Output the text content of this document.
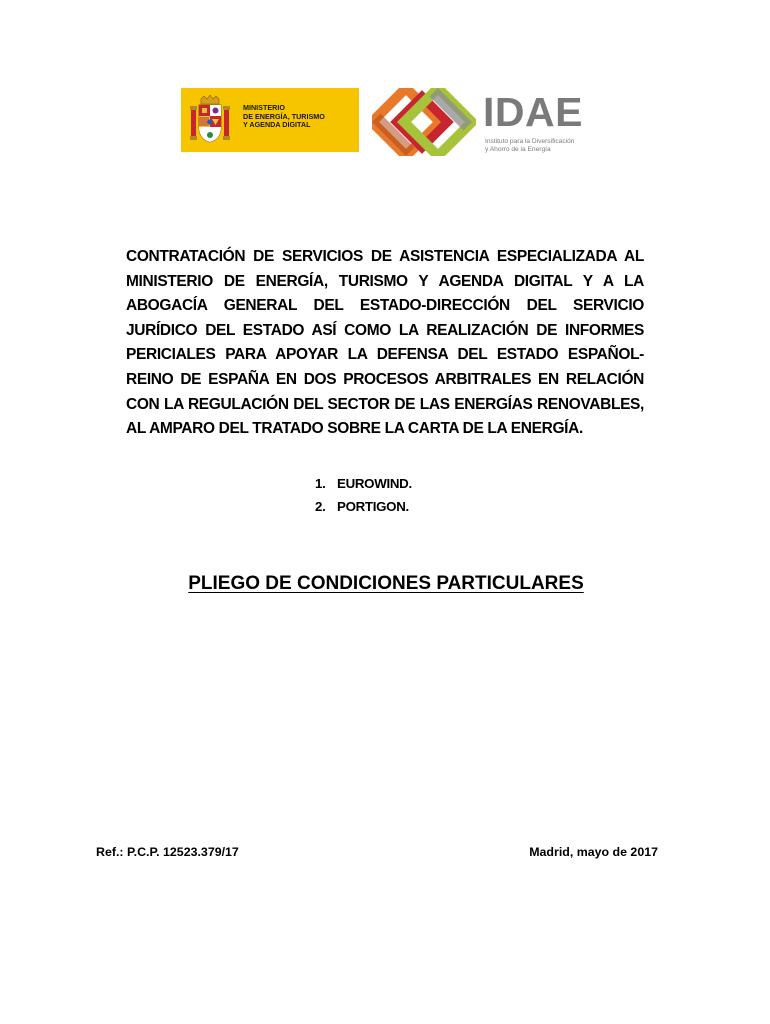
MINISTERIO
DE ENERGÍA, TURISMO
Y AGENDA DIGITAL	IDAE
Instituto para la Diversificación
y Ahorro de la Energía

CONTRATACIÓN DE SERVICIOS DE ASISTENCIA ESPECIALIZADA AL MINISTERIO DE ENERGÍA, TURISMO Y AGENDA DIGITAL Y A LA ABOGACÍA GENERAL DEL ESTADO-DIRECCIÓN DEL SERVICIO JURÍDICO DEL ESTADO ASÍ COMO LA REALIZACIÓN DE INFORMES PERICIALES PARA APOYAR LA DEFENSA DEL ESTADO ESPAÑOL-REINO DE ESPAÑA EN DOS PROCESOS ARBITRALES EN RELACIÓN CON LA REGULACIÓN DEL SECTOR DE LAS ENERGÍAS RENOVABLES, AL AMPARO DEL TRATADO SOBRE LA CARTA DE LA ENERGÍA.

1. EUROWIND.
2. PORTIGON.
PLIEGO DE CONDICIONES PARTICULARES
Ref.: P.C.P. 12523.379/17	Madrid, mayo de 2017
